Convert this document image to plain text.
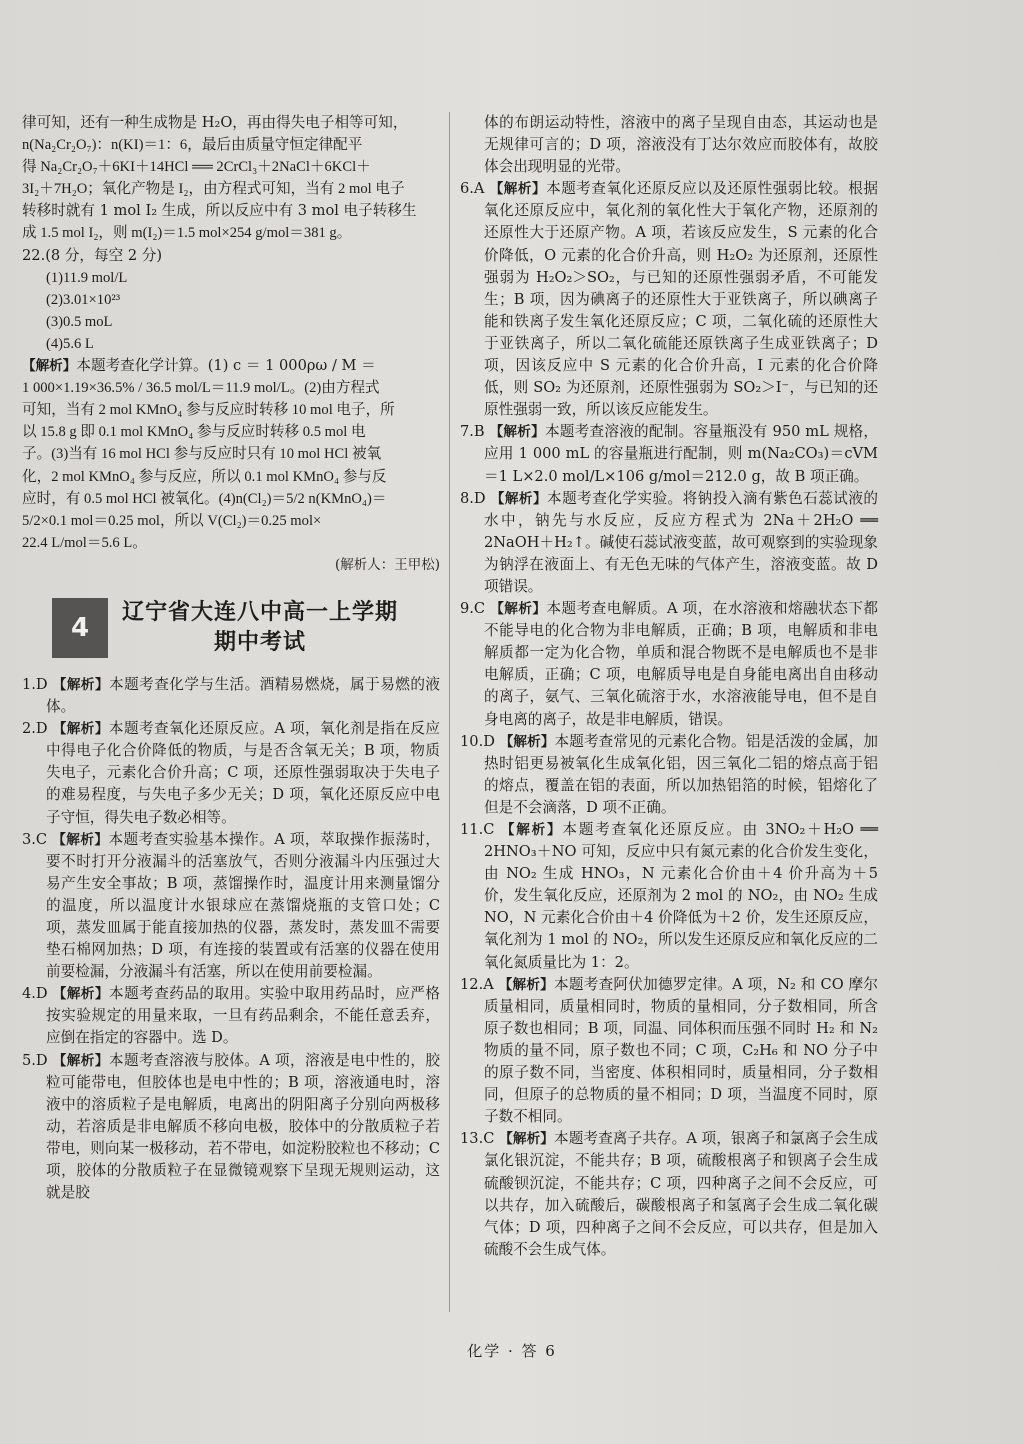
律可知，还有一种生成物是 H₂O，再由得失电子相等可知，

n(Na₂Cr₂O₇)：n(KI)＝1：6，最后由质量守恒定律配平

得 Na₂Cr₂O₇＋6KI＋14HCl ══ 2CrCl₃＋2NaCl＋6KCl＋

3I₂＋7H₂O；氧化产物是 I₂，由方程式可知，当有 2 mol 电子

转移时就有 1 mol I₂ 生成，所以反应中有 3 mol 电子转移生

成 1.5 mol I₂，则 m(I₂)＝1.5 mol×254 g/mol＝381 g。

22.(8 分，每空 2 分)

(1)11.9 mol/L

(2)3.01×10²³

(3)0.5 moL

(4)5.6 L

【解析】本题考查化学计算。(1) c ＝ 1 000ρω / M ＝

1 000×1.19×36.5% / 36.5 mol/L＝11.9 mol/L。(2)由方程式

可知，当有 2 mol KMnO₄ 参与反应时转移 10 mol 电子，所

以 15.8 g 即 0.1 mol KMnO₄ 参与反应时转移 0.5 mol 电

子。(3)当有 16 mol HCl 参与反应时只有 10 mol HCl 被氧

化，2 mol KMnO₄ 参与反应，所以 0.1 mol KMnO₄ 参与反

应时，有 0.5 mol HCl 被氧化。(4)n(Cl₂)＝5/2 n(KMnO₄)＝

5/2×0.1 mol＝0.25 mol，所以 V(Cl₂)＝0.25 mol×

22.4 L/mol＝5.6 L。

(解析人：王甲松)

4
辽宁省大连八中高一上学期
期中考试

1.D 【解析】本题考查化学与生活。酒精易燃烧，属于易燃的液体。

2.D 【解析】本题考查氧化还原反应。A 项，氧化剂是指在反应中得电子化合价降低的物质，与是否含氧无关；B 项，物质失电子，元素化合价升高；C 项，还原性强弱取决于失电子的难易程度，与失电子多少无关；D 项，氧化还原反应中电子守恒，得失电子数必相等。

3.C 【解析】本题考查实验基本操作。A 项，萃取操作振荡时，要不时打开分液漏斗的活塞放气，否则分液漏斗内压强过大易产生安全事故；B 项，蒸馏操作时，温度计用来测量馏分的温度，所以温度计水银球应在蒸馏烧瓶的支管口处；C 项，蒸发皿属于能直接加热的仪器，蒸发时，蒸发皿不需要垫石棉网加热；D 项，有连接的装置或有活塞的仪器在使用前要检漏，分液漏斗有活塞，所以在使用前要检漏。

4.D 【解析】本题考查药品的取用。实验中取用药品时，应严格按实验规定的用量来取，一旦有药品剩余，不能任意丢弃，应倒在指定的容器中。选 D。

5.D 【解析】本题考查溶液与胶体。A 项，溶液是电中性的，胶粒可能带电，但胶体也是电中性的；B 项，溶液通电时，溶液中的溶质粒子是电解质，电离出的阴阳离子分别向两极移动，若溶质是非电解质不移向电极，胶体中的分散质粒子若带电，则向某一极移动，若不带电，如淀粉胶粒也不移动；C 项，胶体的分散质粒子在显微镜观察下呈现无规则运动，这就是胶

体的布朗运动特性，溶液中的离子呈现自由态，其运动也是无规律可言的；D 项，溶液没有丁达尔效应而胶体有，故胶体会出现明显的光带。

6.A 【解析】本题考查氧化还原反应以及还原性强弱比较。根据氧化还原反应中，氧化剂的氧化性大于氧化产物，还原剂的还原性大于还原产物。A 项，若该反应发生，S 元素的化合价降低，O 元素的化合价升高，则 H₂O₂ 为还原剂，还原性强弱为 H₂O₂＞SO₂，与已知的还原性强弱矛盾，不可能发生；B 项，因为碘离子的还原性大于亚铁离子，所以碘离子能和铁离子发生氧化还原反应；C 项，二氧化硫的还原性大于亚铁离子，所以二氧化硫能还原铁离子生成亚铁离子；D 项，因该反应中 S 元素的化合价升高，I 元素的化合价降低，则 SO₂ 为还原剂，还原性强弱为 SO₂＞I⁻，与已知的还原性强弱一致，所以该反应能发生。

7.B 【解析】本题考查溶液的配制。容量瓶没有 950 mL 规格，应用 1 000 mL 的容量瓶进行配制，则 m(Na₂CO₃)＝cVM＝1 L×2.0 mol/L×106 g/mol＝212.0 g，故 B 项正确。

8.D 【解析】本题考查化学实验。将钠投入滴有紫色石蕊试液的水中，钠先与水反应，反应方程式为 2Na＋2H₂O ══ 2NaOH＋H₂↑。碱使石蕊试液变蓝，故可观察到的实验现象为钠浮在液面上、有无色无味的气体产生，溶液变蓝。故 D 项错误。

9.C 【解析】本题考查电解质。A 项，在水溶液和熔融状态下都不能导电的化合物为非电解质，正确；B 项，电解质和非电解质都一定为化合物，单质和混合物既不是电解质也不是非电解质，正确；C 项，电解质导电是自身能电离出自由移动的离子，氨气、三氧化硫溶于水，水溶液能导电，但不是自身电离的离子，故是非电解质，错误。

10.D 【解析】本题考查常见的元素化合物。铝是活泼的金属，加热时铝更易被氧化生成氧化铝，因三氧化二铝的熔点高于铝的熔点，覆盖在铝的表面，所以加热铝箔的时候，铝熔化了但是不会滴落，D 项不正确。

11.C 【解析】本题考查氧化还原反应。由 3NO₂＋H₂O ══ 2HNO₃＋NO 可知，反应中只有氮元素的化合价发生变化，由 NO₂ 生成 HNO₃，N 元素化合价由＋4 价升高为＋5 价，发生氧化反应，还原剂为 2 mol 的 NO₂，由 NO₂ 生成 NO，N 元素化合价由＋4 价降低为＋2 价，发生还原反应，氧化剂为 1 mol 的 NO₂，所以发生还原反应和氧化反应的二氧化氮质量比为 1：2。

12.A 【解析】本题考查阿伏加德罗定律。A 项，N₂ 和 CO 摩尔质量相同，质量相同时，物质的量相同，分子数相同，所含原子数也相同；B 项，同温、同体积而压强不同时 H₂ 和 N₂ 物质的量不同，原子数也不同；C 项，C₂H₆ 和 NO 分子中的原子数不同，当密度、体积相同时，质量相同，分子数相同，但原子的总物质的量不相同；D 项，当温度不同时，原子数不相同。

13.C 【解析】本题考查离子共存。A 项，银离子和氯离子会生成氯化银沉淀，不能共存；B 项，硫酸根离子和钡离子会生成硫酸钡沉淀，不能共存；C 项，四种离子之间不会反应，可以共存，加入硫酸后，碳酸根离子和氢离子会生成二氧化碳气体；D 项，四种离子之间不会反应，可以共存，但是加入硫酸不会生成气体。

化学 · 答 6
